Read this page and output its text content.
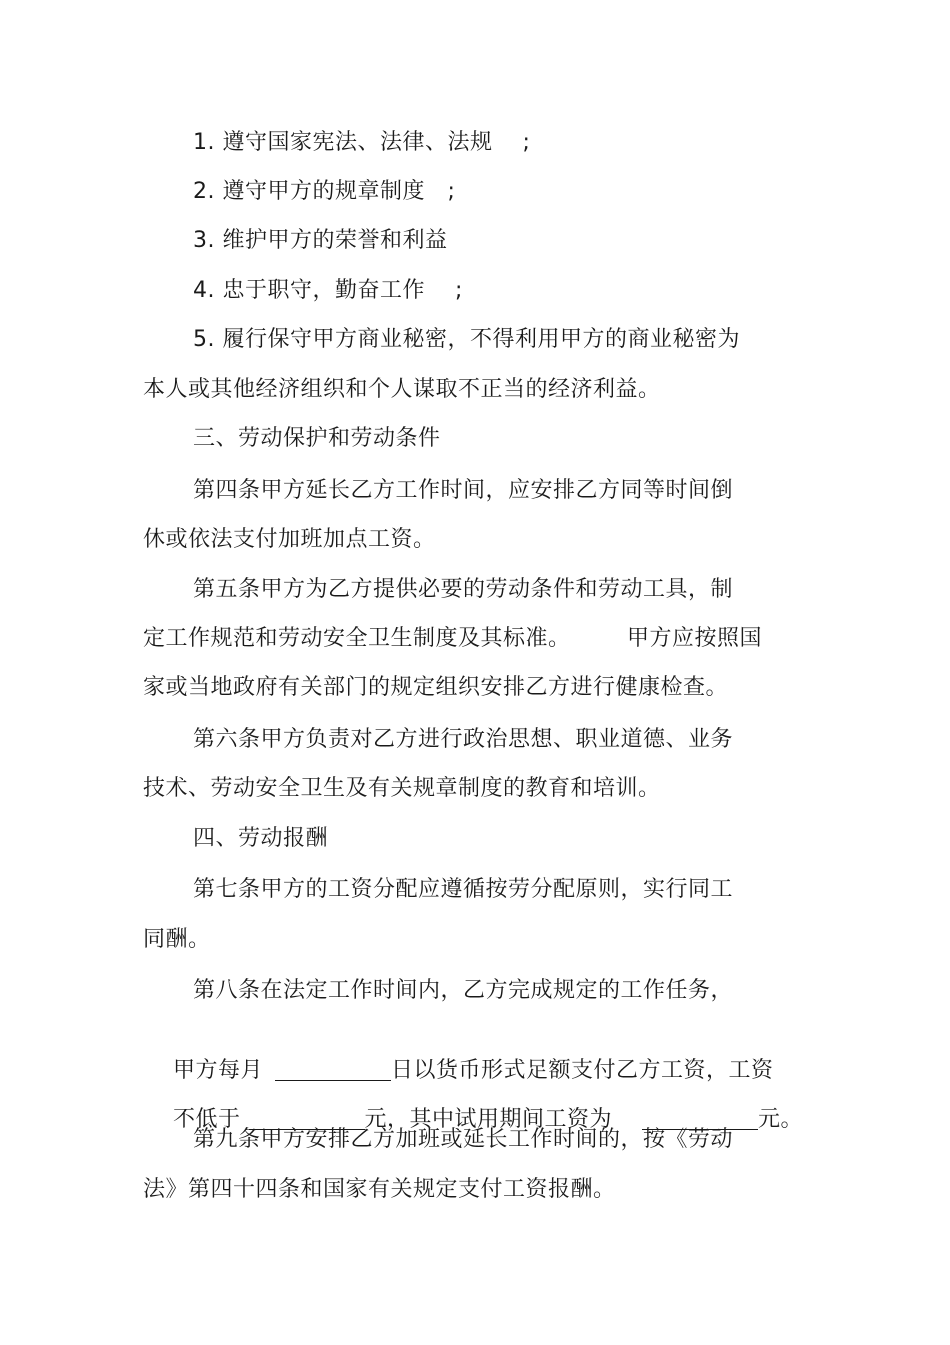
1. 遵守国家宪法、法律、法规　 ;
2. 遵守甲方的规章制度　;
3. 维护甲方的荣誉和利益
4. 忠于职守，勤奋工作　 ;
5. 履行保守甲方商业秘密，不得利用甲方的商业秘密为
本人或其他经济组织和个人谋取不正当的经济利益。
三、劳动保护和劳动条件
第四条甲方延长乙方工作时间，应安排乙方同等时间倒
休或依法支付加班加点工资。
第五条甲方为乙方提供必要的劳动条件和劳动工具，制
定工作规范和劳动安全卫生制度及其标准。　　　甲方应按照国
家或当地政府有关部门的规定组织安排乙方进行健康检查。
第六条甲方负责对乙方进行政治思想、职业道德、业务
技术、劳动安全卫生及有关规章制度的教育和培训。
四、劳动报酬
第七条甲方的工资分配应遵循按劳分配原则，实行同工
同酬。
第八条在法定工作时间内，乙方完成规定的工作任务，

甲方每月	日以货币形式足额支付乙方工资，工资

不低于	元，其中试用期间工资为	元。

第九条甲方安排乙方加班或延长工作时间的，按《劳动
法》第四十四条和国家有关规定支付工资报酬。
